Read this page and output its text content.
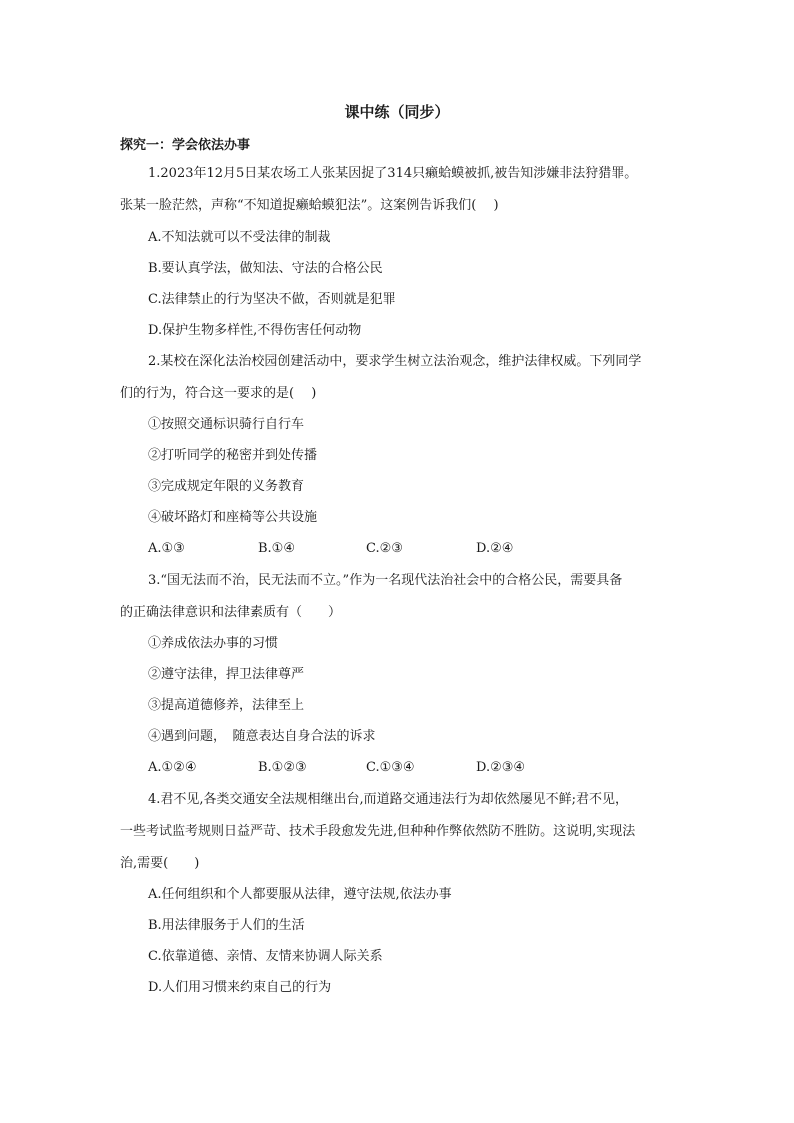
课中练（同步）
探究一：学会依法办事
1.2023年12月5日某农场工人张某因捉了314只癞蛤蟆被抓,被告知涉嫌非法狩猎罪。
张某一脸茫然，声称“不知道捉癞蛤蟆犯法”。这案例告诉我们(　 )
A.不知法就可以不受法律的制裁
B.要认真学法，做知法、守法的合格公民
C.法律禁止的行为坚决不做，否则就是犯罪
D.保护生物多样性,不得伤害任何动物
2.某校在深化法治校园创建活动中，要求学生树立法治观念，维护法律权威。下列同学
们的行为，符合这一要求的是(　 )
①按照交通标识骑行自行车
②打听同学的秘密并到处传播
③完成规定年限的义务教育
④破坏路灯和座椅等公共设施
A.①③	B.①④	C.②③	D.②④
3.“国无法而不治，民无法而不立。”作为一名现代法治社会中的合格公民，需要具备
的正确法律意识和法律素质有（　　）
①养成依法办事的习惯
②遵守法律，捍卫法律尊严
③提高道德修养，法律至上
④遇到问题，　随意表达自身合法的诉求
A.①②④	B.①②③	C.①③④	D.②③④
4.君不见,各类交通安全法规相继出台,而道路交通违法行为却依然屡见不鲜;君不见，
一些考试监考规则日益严苛、技术手段愈发先进,但种种作弊依然防不胜防。这说明,实现法
治,需要(　　)
A.任何组织和个人都要服从法律，遵守法规,依法办事
B.用法律服务于人们的生活
C.依靠道德、亲情、友情来协调人际关系
D.人们用习惯来约束自己的行为
